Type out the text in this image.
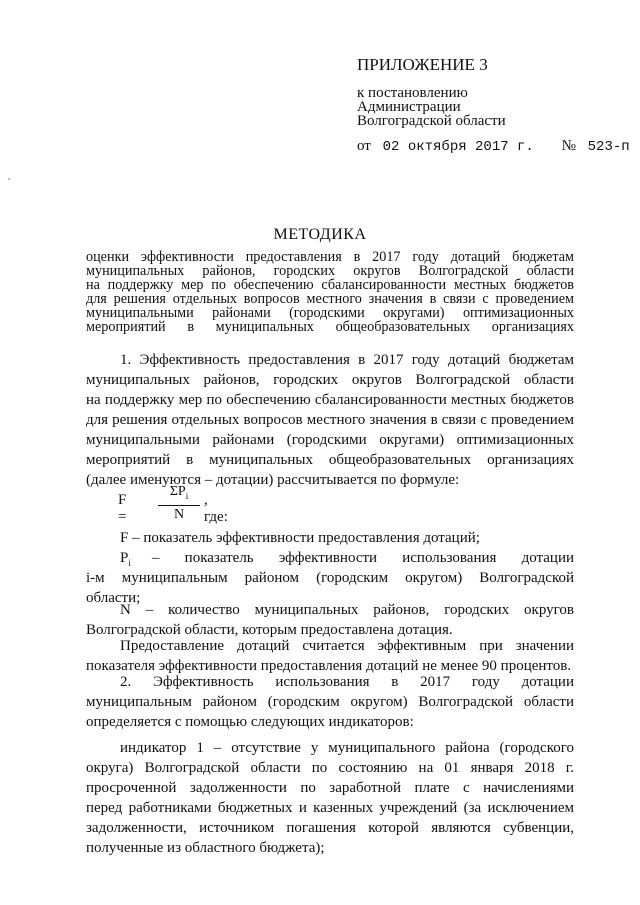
ПРИЛОЖЕНИЕ 3
к постановлению
Администрации
Волгоградской области
от 02 октября 2017 г. № 523-п
МЕТОДИКА
оценки эффективности предоставления в 2017 году дотаций бюджетам
муниципальных районов, городских округов Волгоградской области
на поддержку мер по обеспечению сбалансированности местных бюджетов
для решения отдельных вопросов местного значения в связи с проведением
муниципальными районами (городскими округами) оптимизационных
мероприятий в муниципальных общеобразовательных организациях
1. Эффективность предоставления в 2017 году дотаций бюджетам
муниципальных районов, городских округов Волгоградской области
на поддержку мер по обеспечению сбалансированности местных бюджетов
для решения отдельных вопросов местного значения в связи с проведением
муниципальными районами (городскими округами) оптимизационных
мероприятий в муниципальных общеобразовательных организациях
(далее именуются – дотации) рассчитывается по формуле:
F =
$\Sigma P_i$
N
, где:
F – показатель эффективности предоставления дотаций;
$P_i$ – показатель эффективности использования дотации
i-м муниципальным районом (городским округом) Волгоградской
области;
N – количество муниципальных районов, городских округов
Волгоградской области, которым предоставлена дотация.
Предоставление дотаций считается эффективным при значении
показателя эффективности предоставления дотаций не менее 90 процентов.
2. Эффективность использования в 2017 году дотации
муниципальным районом (городским округом) Волгоградской области
определяется с помощью следующих индикаторов:
индикатор 1 – отсутствие у муниципального района (городского
округа) Волгоградской области по состоянию на 01 января 2018 г.
просроченной задолженности по заработной плате с начислениями
перед работниками бюджетных и казенных учреждений (за исключением
задолженности, источником погашения которой являются субвенции,
полученные из областного бюджета);
